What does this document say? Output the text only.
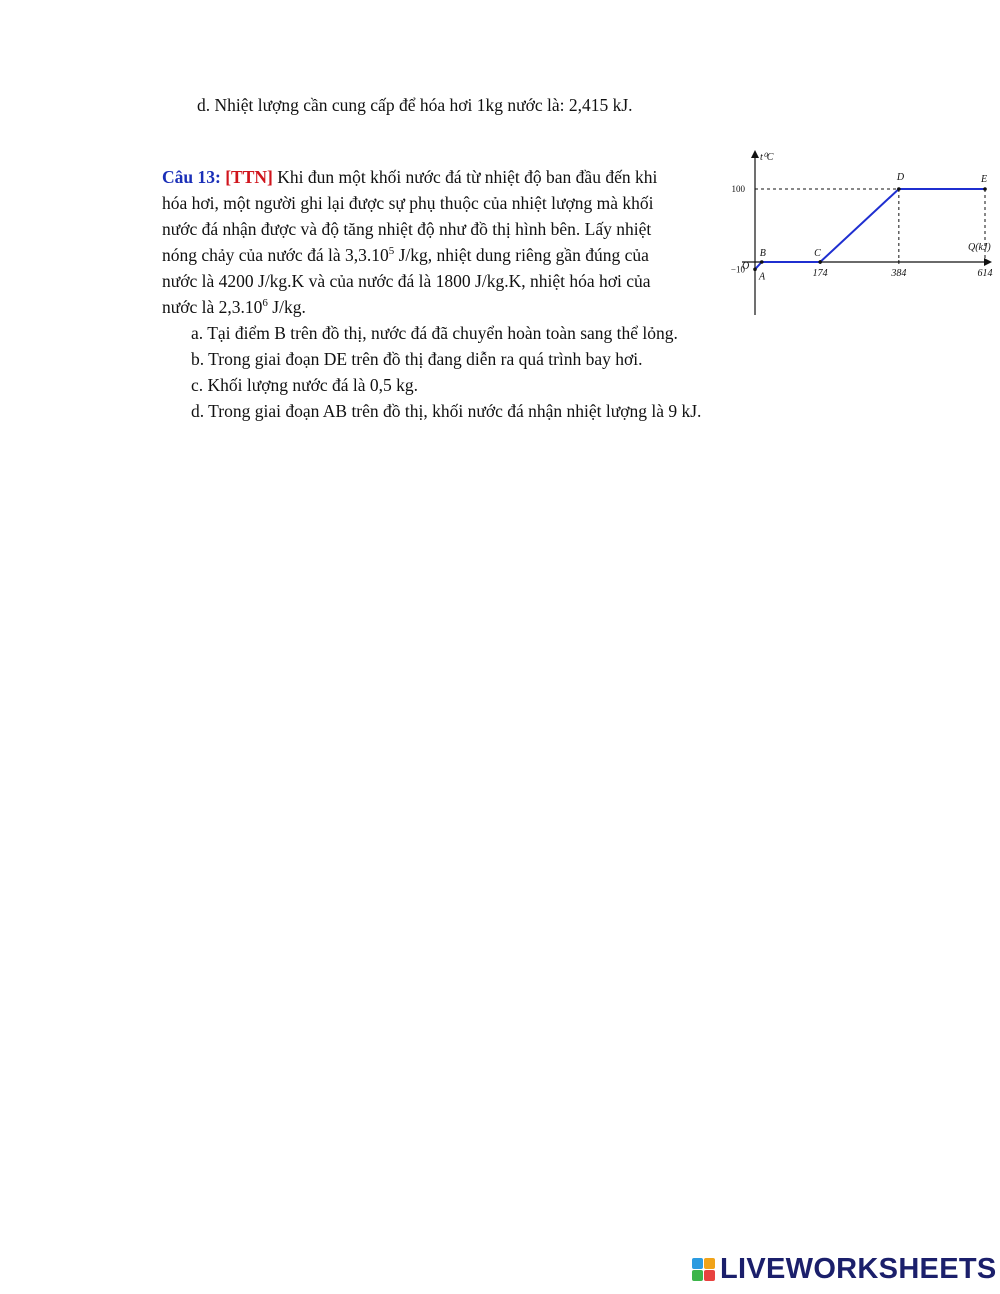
d. Nhiệt lượng cần cung cấp để hóa hơi 1kg nước là: 2,415 kJ.
Câu 13: [TTN] Khi đun một khối nước đá từ nhiệt độ ban đầu đến khi
hóa hơi, một người ghi lại được sự phụ thuộc của nhiệt lượng mà khối
nước đá nhận được và độ tăng nhiệt độ như đồ thị hình bên. Lấy nhiệt
nóng chảy của nước đá là 3,3.10$^5$ J/kg, nhiệt dung riêng gần đúng của
nước là 4200 J/kg.K và của nước đá là 1800 J/kg.K, nhiệt hóa hơi của
nước là 2,3.10$^6$ J/kg.
a. Tại điểm B trên đồ thị, nước đá đã chuyển hoàn toàn sang thể lỏng.
b. Trong giai đoạn DE trên đồ thị đang diễn ra quá trình bay hơi.
c. Khối lượng nước đá là 0,5 kg.
d. Trong giai đoạn AB trên đồ thị, khối nước đá nhận nhiệt lượng là 9 kJ.
t⁰C
Q(kJ)
O
A
B	C
D	E
174	384	614
100
−10
LIVEWORKSHEETS
